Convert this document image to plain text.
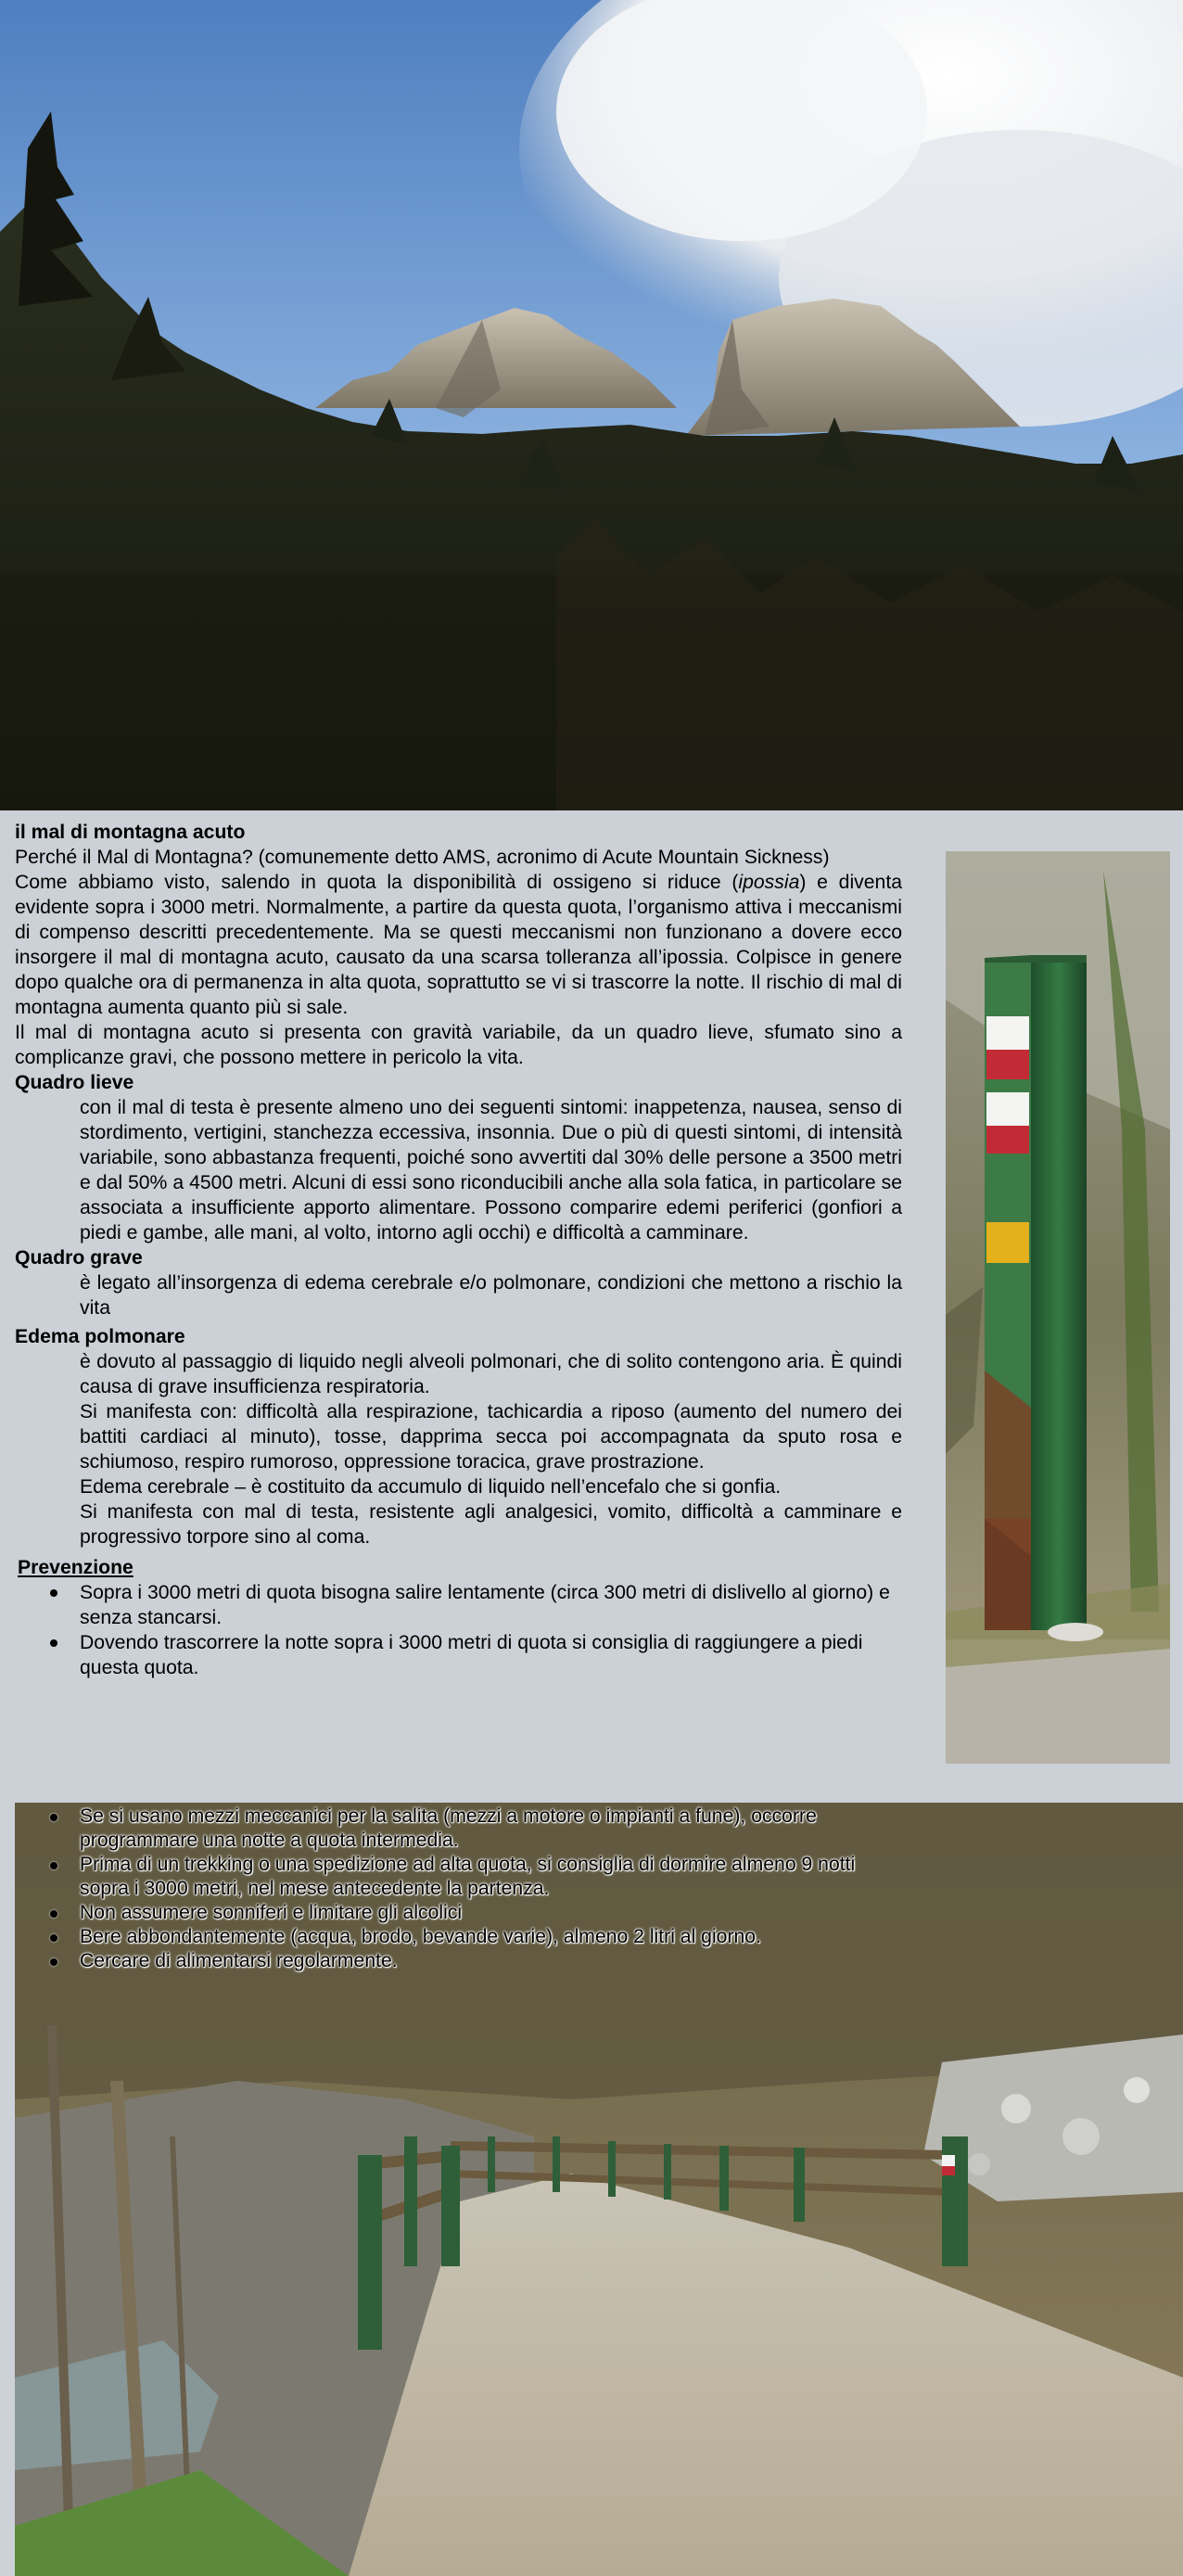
il mal di montagna acuto

Perché il Mal di Montagna? (comunemente detto AMS, acronimo di Acute Mountain Sickness)

Come abbiamo visto, salendo in quota la disponibilità di ossigeno si riduce (ipossia) e diventa evidente sopra i 3000 metri. Normalmente, a partire da questa quota, l’organismo attiva i meccanismi di compenso descritti precedentemente. Ma se questi meccanismi non funzionano a dovere ecco insorgere il mal di montagna acuto, causato da una scarsa tolleranza all’ipossia. Colpisce in genere dopo qualche ora di permanenza in alta quota, soprattutto se vi si trascorre la notte. Il rischio di mal di montagna aumenta quanto più si sale.

Il mal di montagna acuto si presenta con gravità variabile, da un quadro lieve, sfumato sino a complicanze gravi, che possono mettere in pericolo la vita.

Quadro lieve

con il mal di testa è presente almeno uno dei seguenti sintomi: inappetenza, nausea, senso di stordimento, vertigini, stanchezza eccessiva, insonnia. Due o più di questi sintomi, di intensità variabile, sono abbastanza frequenti, poiché sono avvertiti dal 30% delle persone a 3500 metri e dal 50% a 4500 metri. Alcuni di essi sono riconducibili anche alla sola fatica, in particolare se associata a insufficiente apporto alimentare. Possono comparire edemi periferici (gonfiori a piedi e gambe, alle mani, al volto, intorno agli occhi) e difficoltà a camminare.

Quadro grave

è legato all’insorgenza di edema cerebrale e/o polmonare, condizioni che mettono a rischio la vita

Edema polmonare

è dovuto al passaggio di liquido negli alveoli polmonari, che di solito contengono aria. È quindi causa di grave insufficienza respiratoria.

Si manifesta con: difficoltà alla respirazione, tachicardia a riposo (aumento del numero dei battiti cardiaci al minuto), tosse, dapprima secca poi accompagnata da sputo rosa e schiumoso, respiro rumoroso, oppressione toracica, grave prostrazione.

Edema cerebrale – è costituito da accumulo di liquido nell’encefalo che si gonfia.

Si manifesta con mal di testa, resistente agli analgesici, vomito, difficoltà a camminare e progressivo torpore sino al coma.

Prevenzione
Sopra i 3000 metri di quota bisogna salire lentamente (circa 300 metri di dislivello al giorno) e senza stancarsi.
Dovendo trascorrere la notte sopra i 3000 metri di quota si consiglia di raggiungere a piedi questa quota.
Se si usano mezzi meccanici per la salita (mezzi a motore o impianti a fune), occorre programmare una notte a quota intermedia.
Prima di un trekking o una spedizione ad alta quota, si consiglia di dormire almeno 9 notti sopra i 3000 metri, nel mese antecedente la partenza.
Non assumere sonniferi e limitare gli alcolici
Bere abbondantemente (acqua, brodo, bevande varie), almeno 2 litri al giorno.
Cercare di alimentarsi regolarmente.
